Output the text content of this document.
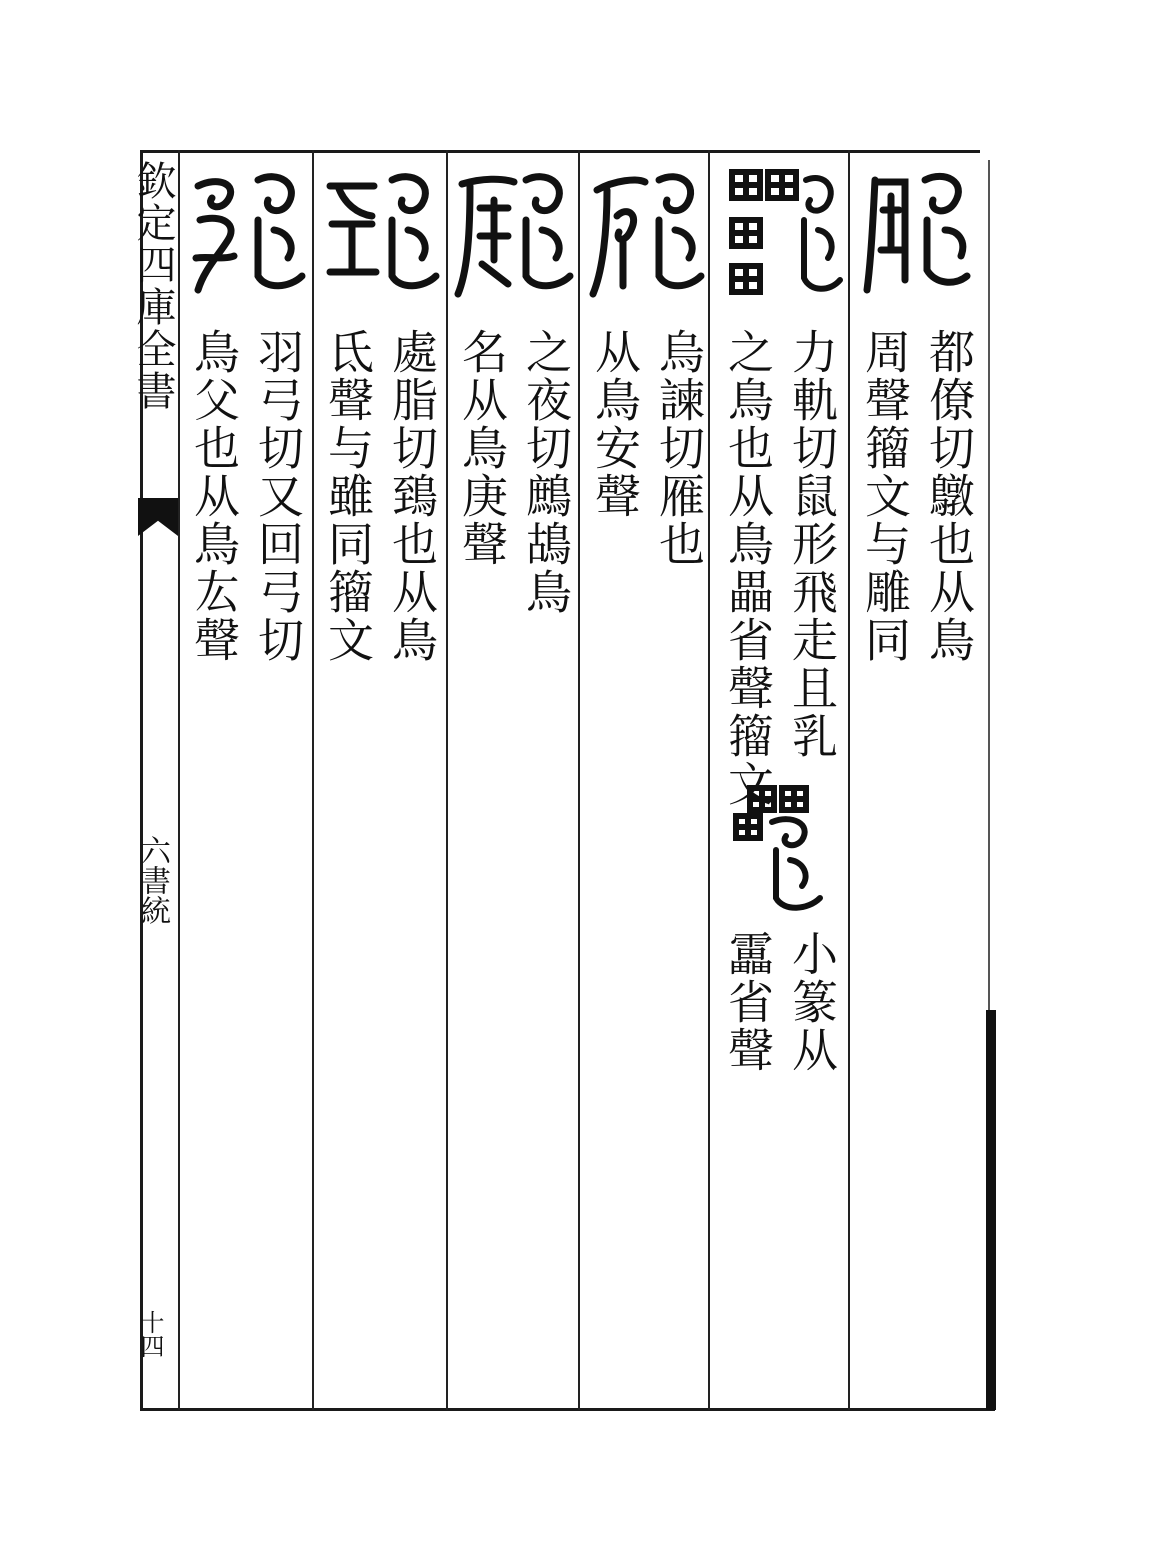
欽定四庫全書
六書統
十四
都僚切鷻也从鳥
周聲籀文与雕同
力軌切鼠形飛走且乳
之鳥也从鳥畾省聲籀文
小篆从
靁省聲
烏諫切雁也
从鳥安聲
之夜切鷓鴣鳥
名从鳥庚聲
處脂切鵄也从鳥
氐聲与雖同籀文
羽弓切又回弓切
鳥父也从鳥厷聲
